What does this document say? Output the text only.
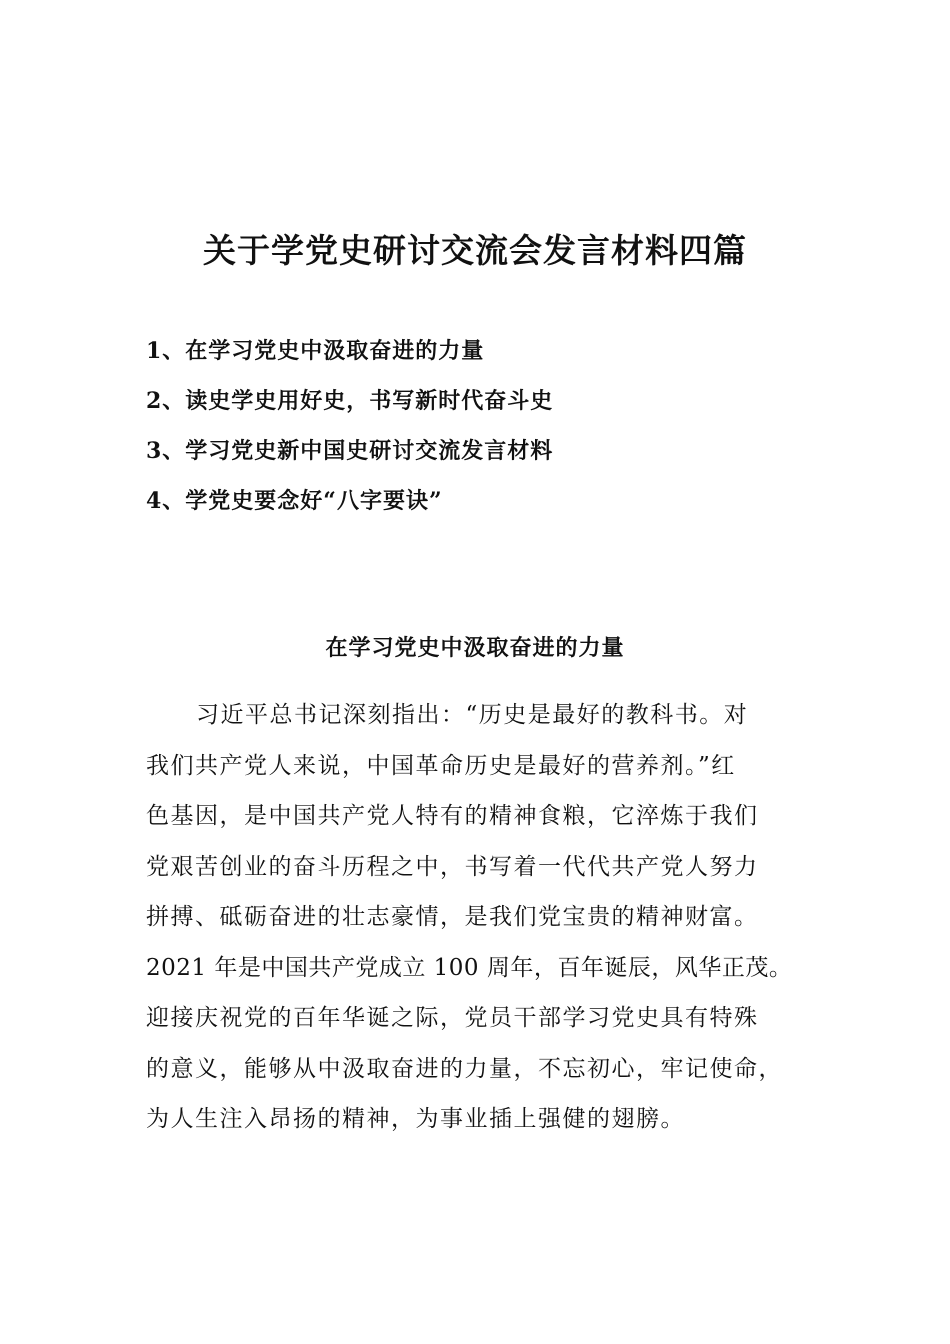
关于学党史研讨交流会发言材料四篇
1、在学习党史中汲取奋进的力量
2、读史学史用好史，书写新时代奋斗史
3、学习党史新中国史研讨交流发言材料
4、学党史要念好“八字要诀”
在学习党史中汲取奋进的力量
习近平总书记深刻指出：“历史是最好的教科书。对
我们共产党人来说，中国革命历史是最好的营养剂。”红
色基因，是中国共产党人特有的精神食粮，它淬炼于我们
党艰苦创业的奋斗历程之中，书写着一代代共产党人努力
拼搏、砥砺奋进的壮志豪情，是我们党宝贵的精神财富。
2021 年是中国共产党成立 100 周年，百年诞辰，风华正茂。
迎接庆祝党的百年华诞之际，党员干部学习党史具有特殊
的意义，能够从中汲取奋进的力量，不忘初心，牢记使命，
为人生注入昂扬的精神，为事业插上强健的翅膀。
